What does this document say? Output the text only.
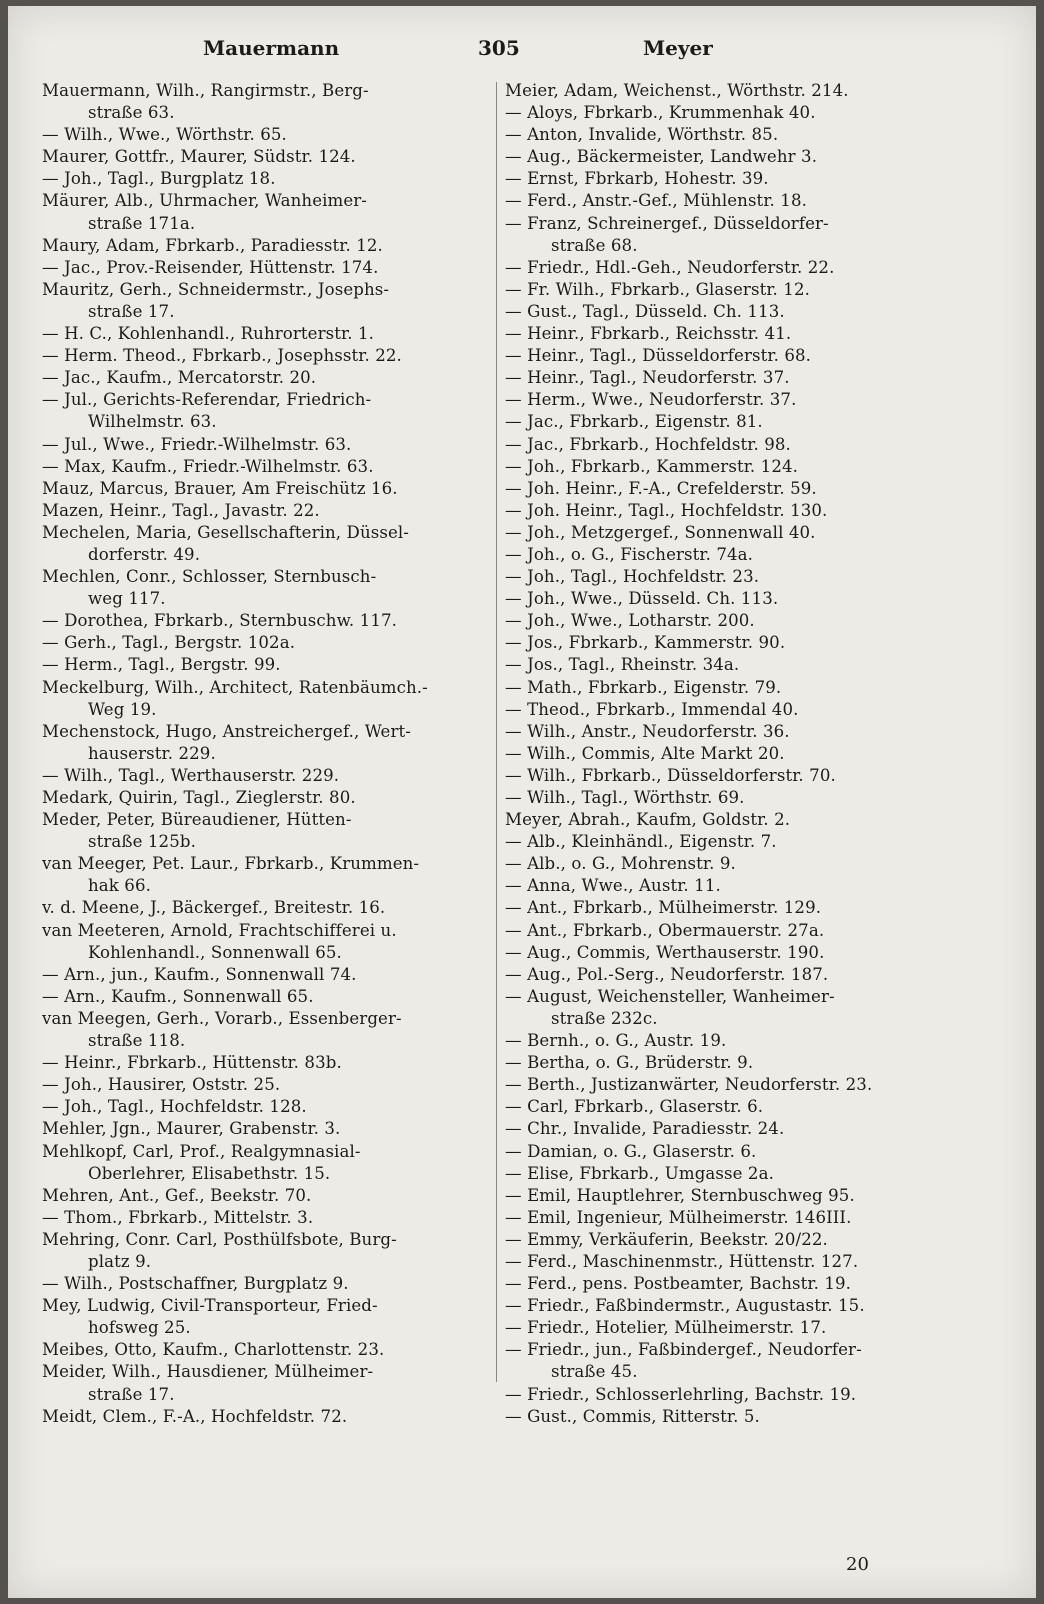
Mauermann	305	Meyer
Mauermann, Wilh., Rangirmstr., Berg-
straße 63.
— Wilh., Wwe., Wörthstr. 65.
Maurer, Gottfr., Maurer, Südstr. 124.
— Joh., Tagl., Burgplatz 18.
Mäurer, Alb., Uhrmacher, Wanheimer-
straße 171a.
Maury, Adam, Fbrkarb., Paradiesstr. 12.
— Jac., Prov.-Reisender, Hüttenstr. 174.
Mauritz, Gerh., Schneidermstr., Josephs-
straße 17.
— H. C., Kohlenhandl., Ruhrorterstr. 1.
— Herm. Theod., Fbrkarb., Josephsstr. 22.
— Jac., Kaufm., Mercatorstr. 20.
— Jul., Gerichts-Referendar, Friedrich-
Wilhelmstr. 63.
— Jul., Wwe., Friedr.-Wilhelmstr. 63.
— Max, Kaufm., Friedr.-Wilhelmstr. 63.
Mauz, Marcus, Brauer, Am Freischütz 16.
Mazen, Heinr., Tagl., Javastr. 22.
Mechelen, Maria, Gesellschafterin, Düssel-
dorferstr. 49.
Mechlen, Conr., Schlosser, Sternbusch-
weg 117.
— Dorothea, Fbrkarb., Sternbuschw. 117.
— Gerh., Tagl., Bergstr. 102a.
— Herm., Tagl., Bergstr. 99.
Meckelburg, Wilh., Architect, Ratenbäumch.-
Weg 19.
Mechenstock, Hugo, Anstreichergef., Wert-
hauserstr. 229.
— Wilh., Tagl., Werthauserstr. 229.
Medark, Quirin, Tagl., Zieglerstr. 80.
Meder, Peter, Büreaudiener, Hütten-
straße 125b.
van Meeger, Pet. Laur., Fbrkarb., Krummen-
hak 66.
v. d. Meene, J., Bäckergef., Breitestr. 16.
van Meeteren, Arnold, Frachtschifferei u.
Kohlenhandl., Sonnenwall 65.
— Arn., jun., Kaufm., Sonnenwall 74.
— Arn., Kaufm., Sonnenwall 65.
van Meegen, Gerh., Vorarb., Essenberger-
straße 118.
— Heinr., Fbrkarb., Hüttenstr. 83b.
— Joh., Hausirer, Oststr. 25.
— Joh., Tagl., Hochfeldstr. 128.
Mehler, Jgn., Maurer, Grabenstr. 3.
Mehlkopf, Carl, Prof., Realgymnasial-
Oberlehrer, Elisabethstr. 15.
Mehren, Ant., Gef., Beekstr. 70.
— Thom., Fbrkarb., Mittelstr. 3.
Mehring, Conr. Carl, Posthülfsbote, Burg-
platz 9.
— Wilh., Postschaffner, Burgplatz 9.
Mey, Ludwig, Civil-Transporteur, Fried-
hofsweg 25.
Meibes, Otto, Kaufm., Charlottenstr. 23.
Meider, Wilh., Hausdiener, Mülheimer-
straße 17.
Meidt, Clem., F.-A., Hochfeldstr. 72.
Meier, Adam, Weichenst., Wörthstr. 214.
— Aloys, Fbrkarb., Krummenhak 40.
— Anton, Invalide, Wörthstr. 85.
— Aug., Bäckermeister, Landwehr 3.
— Ernst, Fbrkarb, Hohestr. 39.
— Ferd., Anstr.-Gef., Mühlenstr. 18.
— Franz, Schreinergef., Düsseldorfer-
straße 68.
— Friedr., Hdl.-Geh., Neudorferstr. 22.
— Fr. Wilh., Fbrkarb., Glaserstr. 12.
— Gust., Tagl., Düsseld. Ch. 113.
— Heinr., Fbrkarb., Reichsstr. 41.
— Heinr., Tagl., Düsseldorferstr. 68.
— Heinr., Tagl., Neudorferstr. 37.
— Herm., Wwe., Neudorferstr. 37.
— Jac., Fbrkarb., Eigenstr. 81.
— Jac., Fbrkarb., Hochfeldstr. 98.
— Joh., Fbrkarb., Kammerstr. 124.
— Joh. Heinr., F.-A., Crefelderstr. 59.
— Joh. Heinr., Tagl., Hochfeldstr. 130.
— Joh., Metzgergef., Sonnenwall 40.
— Joh., o. G., Fischerstr. 74a.
— Joh., Tagl., Hochfeldstr. 23.
— Joh., Wwe., Düsseld. Ch. 113.
— Joh., Wwe., Lotharstr. 200.
— Jos., Fbrkarb., Kammerstr. 90.
— Jos., Tagl., Rheinstr. 34a.
— Math., Fbrkarb., Eigenstr. 79.
— Theod., Fbrkarb., Immendal 40.
— Wilh., Anstr., Neudorferstr. 36.
— Wilh., Commis, Alte Markt 20.
— Wilh., Fbrkarb., Düsseldorferstr. 70.
— Wilh., Tagl., Wörthstr. 69.
Meyer, Abrah., Kaufm, Goldstr. 2.
— Alb., Kleinhändl., Eigenstr. 7.
— Alb., o. G., Mohrenstr. 9.
— Anna, Wwe., Austr. 11.
— Ant., Fbrkarb., Mülheimerstr. 129.
— Ant., Fbrkarb., Obermauerstr. 27a.
— Aug., Commis, Werthauserstr. 190.
— Aug., Pol.-Serg., Neudorferstr. 187.
— August, Weichensteller, Wanheimer-
straße 232c.
— Bernh., o. G., Austr. 19.
— Bertha, o. G., Brüderstr. 9.
— Berth., Justizanwärter, Neudorferstr. 23.
— Carl, Fbrkarb., Glaserstr. 6.
— Chr., Invalide, Paradiesstr. 24.
— Damian, o. G., Glaserstr. 6.
— Elise, Fbrkarb., Umgasse 2a.
— Emil, Hauptlehrer, Sternbuschweg 95.
— Emil, Ingenieur, Mülheimerstr. 146III.
— Emmy, Verkäuferin, Beekstr. 20/22.
— Ferd., Maschinenmstr., Hüttenstr. 127.
— Ferd., pens. Postbeamter, Bachstr. 19.
— Friedr., Faßbindermstr., Augustastr. 15.
— Friedr., Hotelier, Mülheimerstr. 17.
— Friedr., jun., Faßbindergef., Neudorfer-
straße 45.
— Friedr., Schlosserlehrling, Bachstr. 19.
— Gust., Commis, Ritterstr. 5.
20
